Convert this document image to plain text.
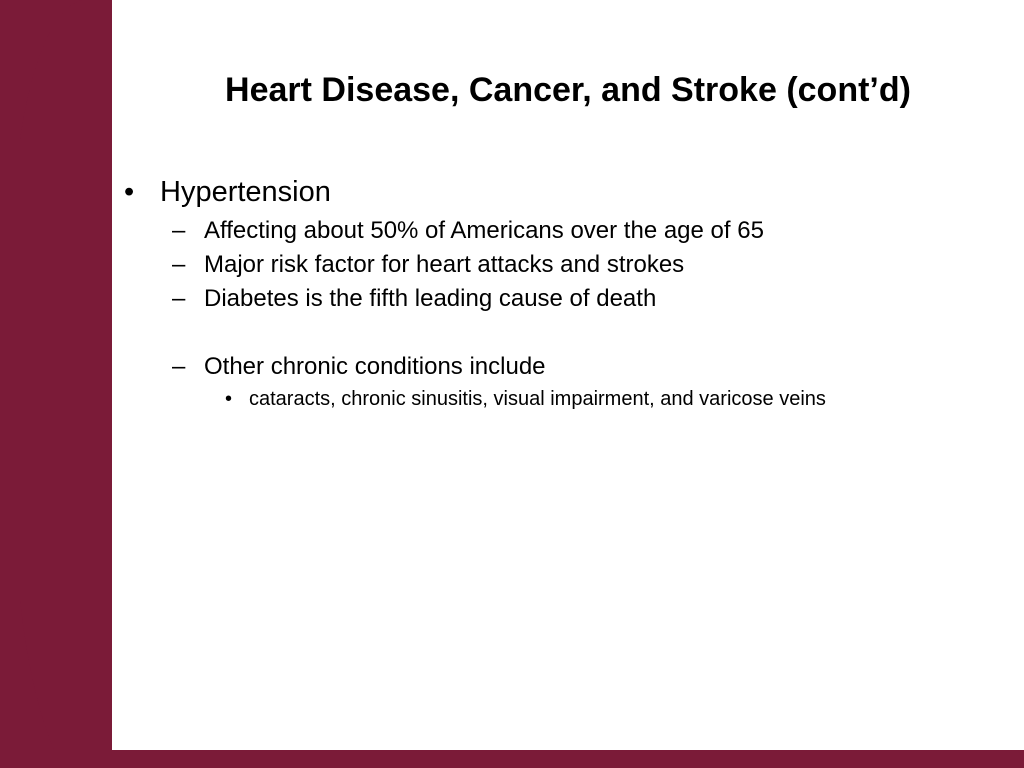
Heart Disease, Cancer, and Stroke (cont’d)
• Hypertension
– Affecting about 50% of Americans over the age of 65
– Major risk factor for heart attacks and strokes
– Diabetes is the fifth leading cause of death
– Other chronic conditions include
• cataracts, chronic sinusitis, visual impairment, and varicose veins
